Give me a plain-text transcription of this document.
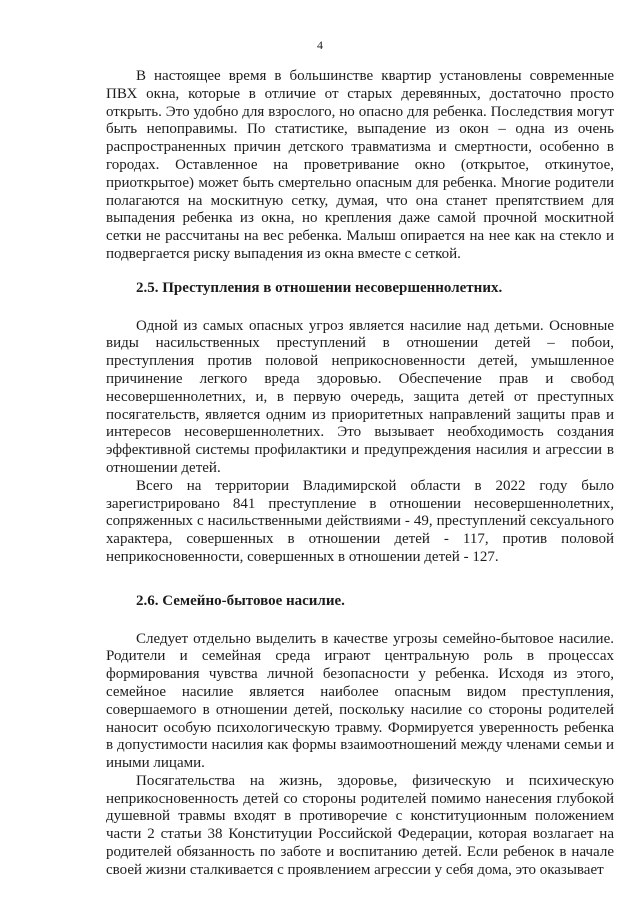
4

В настоящее время в большинстве квартир установлены современные ПВХ окна, которые в отличие от старых деревянных, достаточно просто открыть. Это удобно для взрослого, но опасно для ребенка. Последствия могут быть непоправимы. По статистике, выпадение из окон – одна из очень распространенных причин детского травматизма и смертности, особенно в городах. Оставленное на проветривание окно (открытое, откинутое, приоткрытое) может быть смертельно опасным для ребенка. Многие родители полагаются на москитную сетку, думая, что она станет препятствием для выпадения ребенка из окна, но крепления даже самой прочной москитной сетки не рассчитаны на вес ребенка. Малыш опирается на нее как на стекло и подвергается риску выпадения из окна вместе с сеткой.

2.5. Преступления в отношении несовершеннолетних.

Одной из самых опасных угроз является насилие над детьми. Основные виды насильственных преступлений в отношении детей – побои, преступления против половой неприкосновенности детей, умышленное причинение легкого вреда здоровью. Обеспечение прав и свобод несовершеннолетних, и, в первую очередь, защита детей от преступных посягательств, является одним из приоритетных направлений защиты прав и интересов несовершеннолетних. Это вызывает необходимость создания эффективной системы профилактики и предупреждения насилия и агрессии в отношении детей.

Всего на территории Владимирской области в 2022 году было зарегистрировано 841 преступление в отношении несовершеннолетних, сопряженных с насильственными действиями - 49, преступлений сексуального характера, совершенных в отношении детей - 117, против половой неприкосновенности, совершенных в отношении детей - 127.

2.6. Семейно-бытовое насилие.

Следует отдельно выделить в качестве угрозы семейно-бытовое насилие. Родители и семейная среда играют центральную роль в процессах формирования чувства личной безопасности у ребенка. Исходя из этого, семейное насилие является наиболее опасным видом преступления, совершаемого в отношении детей, поскольку насилие со стороны родителей наносит особую психологическую травму. Формируется уверенность ребенка в допустимости насилия как формы взаимоотношений между членами семьи и иными лицами.

Посягательства на жизнь, здоровье, физическую и психическую неприкосновенность детей со стороны родителей помимо нанесения глубокой душевной травмы входят в противоречие с конституционным положением части 2 статьи 38 Конституции Российской Федерации, которая возлагает на родителей обязанность по заботе и воспитанию детей. Если ребенок в начале своей жизни сталкивается с проявлением агрессии у себя дома, это оказывает
